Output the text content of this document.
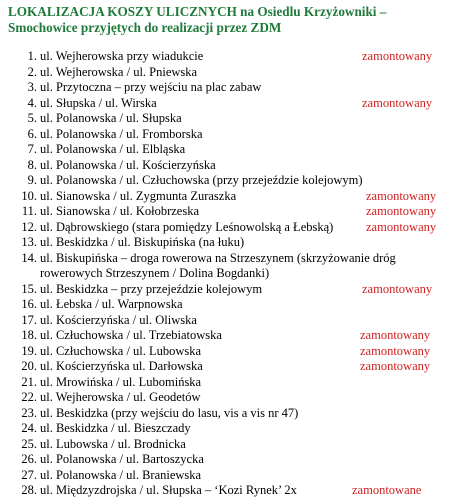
LOKALIZACJA KOSZY ULICZNYCH na Osiedlu Krzyżowniki – Smochowice przyjętych do realizacji przez ZDM
1. ul. Wejherowska przy wiadukcie	zamontowany
2. ul. Wejherowska / ul. Pniewska
3. ul. Przytoczna – przy wejściu na plac zabaw
4. ul. Słupska / ul. Wirska	zamontowany
5. ul. Polanowska / ul. Słupska
6. ul. Polanowska / ul. Fromborska
7. ul. Polanowska / ul. Elbląska
8. ul. Polanowska / ul. Kościerzyńska
9. ul. Polanowska / ul. Człuchowska (przy przejeździe kolejowym)
10. ul. Sianowska / ul. Zygmunta Zuraszka	zamontowany
11. ul. Sianowska / ul. Kołobrzeska	zamontowany
12. ul. Dąbrowskiego (stara pomiędzy Leśnowolską a Łebską)	zamontowany
13. ul. Beskidzka / ul. Biskupińska (na łuku)
14. ul. Biskupińska – droga rowerowa na Strzeszynem (skrzyżowanie dróg
rowerowych Strzeszynem / Dolina Bogdanki)
15. ul. Beskidzka – przy przejeździe kolejowym	zamontowany
16. ul. Łebska / ul. Warpnowska
17. ul. Kościerzyńska / ul. Oliwska
18. ul. Człuchowska / ul. Trzebiatowska	zamontowany
19. ul. Człuchowska / ul. Lubowska	zamontowany
20. ul. Kościerzyńska ul. Darłowska	zamontowany
21. ul. Mrowińska / ul. Lubomińska
22. ul. Wejherowska / ul. Geodetów
23. ul. Beskidzka (przy wejściu do lasu, vis a vis nr 47)
24. ul. Beskidzka / ul. Bieszczady
25. ul. Lubowska / ul. Brodnicka
26. ul. Polanowska / ul. Bartoszycka
27. ul. Polanowska / ul. Braniewska
28. ul. Międzyzdrojska / ul. Słupska – ‘Kozi Rynek’ 2x	zamontowane
